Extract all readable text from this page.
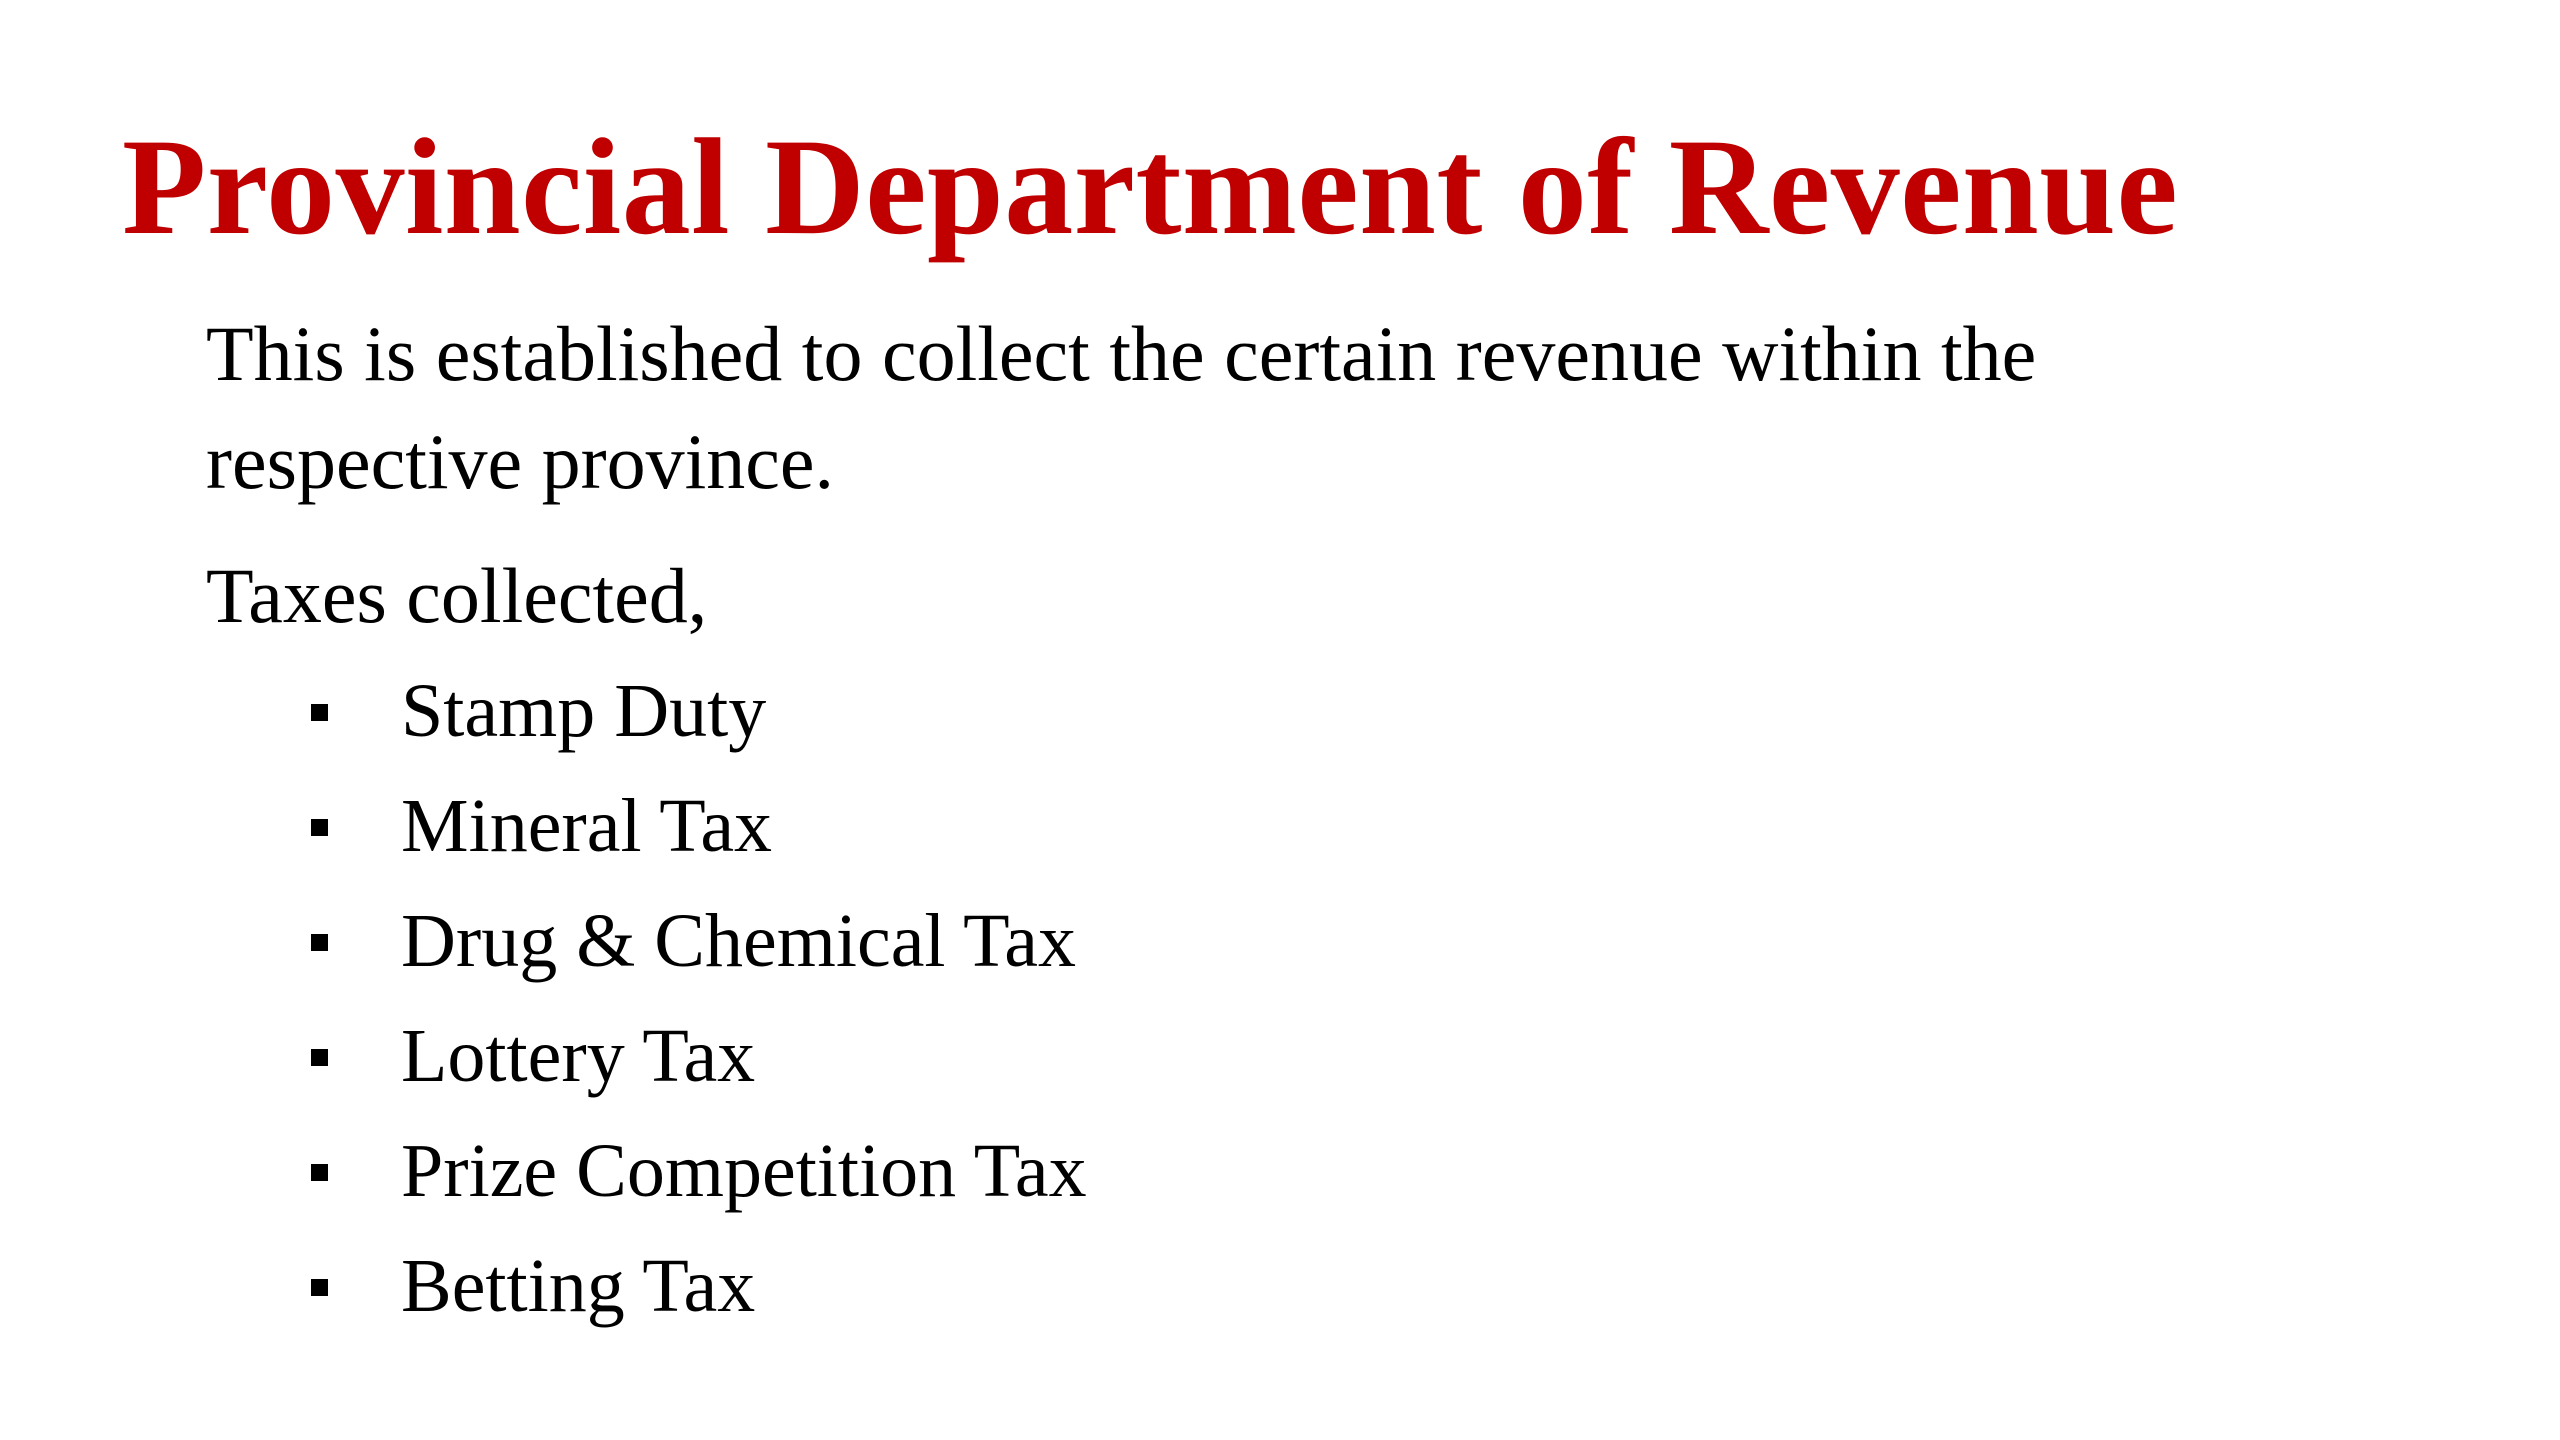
Provincial Department of Revenue

This is established to collect the certain revenue within the
respective province.

Taxes collected,

Stamp Duty
Mineral Tax
Drug & Chemical Tax
Lottery Tax
Prize Competition Tax
Betting Tax
